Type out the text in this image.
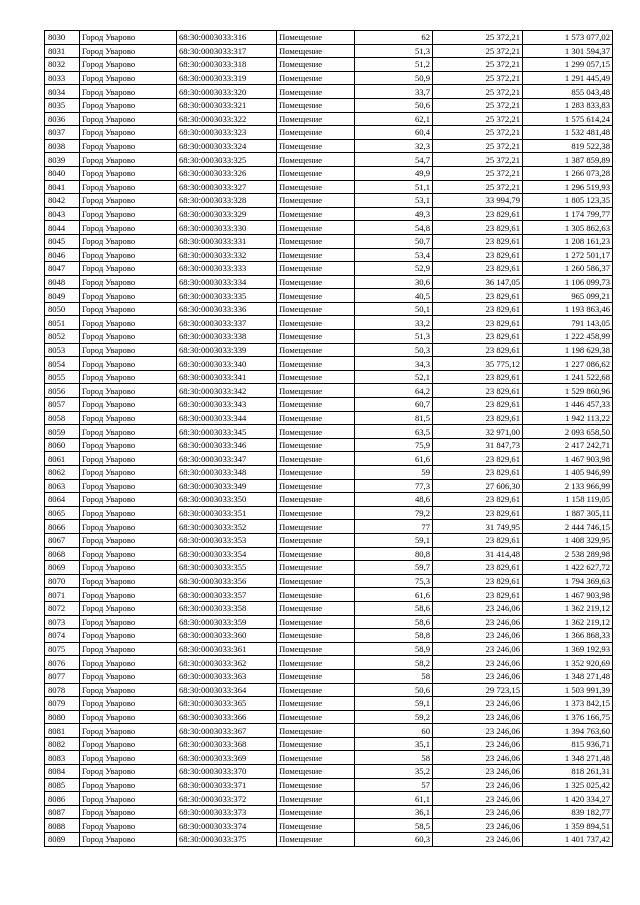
8030	Город Уварово	68:30:0003033:316	Помещение	62	25 372,21	1 573 077,02
8031	Город Уварово	68:30:0003033:317	Помещение	51,3	25 372,21	1 301 594,37
8032	Город Уварово	68:30:0003033:318	Помещение	51,2	25 372,21	1 299 057,15
8033	Город Уварово	68:30:0003033:319	Помещение	50,9	25 372,21	1 291 445,49
8034	Город Уварово	68:30:0003033:320	Помещение	33,7	25 372,21	855 043,48
8035	Город Уварово	68:30:0003033:321	Помещение	50,6	25 372,21	1 283 833,83
8036	Город Уварово	68:30:0003033:322	Помещение	62,1	25 372,21	1 575 614,24
8037	Город Уварово	68:30:0003033:323	Помещение	60,4	25 372,21	1 532 481,48
8038	Город Уварово	68:30:0003033:324	Помещение	32,3	25 372,21	819 522,38
8039	Город Уварово	68:30:0003033:325	Помещение	54,7	25 372,21	1 387 859,89
8040	Город Уварово	68:30:0003033:326	Помещение	49,9	25 372,21	1 266 073,28
8041	Город Уварово	68:30:0003033:327	Помещение	51,1	25 372,21	1 296 519,93
8042	Город Уварово	68:30:0003033:328	Помещение	53,1	33 994,79	1 805 123,35
8043	Город Уварово	68:30:0003033:329	Помещение	49,3	23 829,61	1 174 799,77
8044	Город Уварово	68:30:0003033:330	Помещение	54,8	23 829,61	1 305 862,63
8045	Город Уварово	68:30:0003033:331	Помещение	50,7	23 829,61	1 208 161,23
8046	Город Уварово	68:30:0003033:332	Помещение	53,4	23 829,61	1 272 501,17
8047	Город Уварово	68:30:0003033:333	Помещение	52,9	23 829,61	1 260 586,37
8048	Город Уварово	68:30:0003033:334	Помещение	30,6	36 147,05	1 106 099,73
8049	Город Уварово	68:30:0003033:335	Помещение	40,5	23 829,61	965 099,21
8050	Город Уварово	68:30:0003033:336	Помещение	50,1	23 829,61	1 193 863,46
8051	Город Уварово	68:30:0003033:337	Помещение	33,2	23 829,61	791 143,05
8052	Город Уварово	68:30:0003033:338	Помещение	51,3	23 829,61	1 222 458,99
8053	Город Уварово	68:30:0003033:339	Помещение	50,3	23 829,61	1 198 629,38
8054	Город Уварово	68:30:0003033:340	Помещение	34,3	35 775,12	1 227 086,62
8055	Город Уварово	68:30:0003033:341	Помещение	52,1	23 829,61	1 241 522,68
8056	Город Уварово	68:30:0003033:342	Помещение	64,2	23 829,61	1 529 860,96
8057	Город Уварово	68:30:0003033:343	Помещение	60,7	23 829,61	1 446 457,33
8058	Город Уварово	68:30:0003033:344	Помещение	81,5	23 829,61	1 942 113,22
8059	Город Уварово	68:30:0003033:345	Помещение	63,5	32 971,00	2 093 658,50
8060	Город Уварово	68:30:0003033:346	Помещение	75,9	31 847,73	2 417 242,71
8061	Город Уварово	68:30:0003033:347	Помещение	61,6	23 829,61	1 467 903,98
8062	Город Уварово	68:30:0003033:348	Помещение	59	23 829,61	1 405 946,99
8063	Город Уварово	68:30:0003033:349	Помещение	77,3	27 606,30	2 133 966,99
8064	Город Уварово	68:30:0003033:350	Помещение	48,6	23 829,61	1 158 119,05
8065	Город Уварово	68:30:0003033:351	Помещение	79,2	23 829,61	1 887 305,11
8066	Город Уварово	68:30:0003033:352	Помещение	77	31 749,95	2 444 746,15
8067	Город Уварово	68:30:0003033:353	Помещение	59,1	23 829,61	1 408 329,95
8068	Город Уварово	68:30:0003033:354	Помещение	80,8	31 414,48	2 538 289,98
8069	Город Уварово	68:30:0003033:355	Помещение	59,7	23 829,61	1 422 627,72
8070	Город Уварово	68:30:0003033:356	Помещение	75,3	23 829,61	1 794 369,63
8071	Город Уварово	68:30:0003033:357	Помещение	61,6	23 829,61	1 467 903,98
8072	Город Уварово	68:30:0003033:358	Помещение	58,6	23 246,06	1 362 219,12
8073	Город Уварово	68:30:0003033:359	Помещение	58,6	23 246,06	1 362 219,12
8074	Город Уварово	68:30:0003033:360	Помещение	58,8	23 246,06	1 366 868,33
8075	Город Уварово	68:30:0003033:361	Помещение	58,9	23 246,06	1 369 192,93
8076	Город Уварово	68:30:0003033:362	Помещение	58,2	23 246,06	1 352 920,69
8077	Город Уварово	68:30:0003033:363	Помещение	58	23 246,06	1 348 271,48
8078	Город Уварово	68:30:0003033:364	Помещение	50,6	29 723,15	1 503 991,39
8079	Город Уварово	68:30:0003033:365	Помещение	59,1	23 246,06	1 373 842,15
8080	Город Уварово	68:30:0003033:366	Помещение	59,2	23 246,06	1 376 166,75
8081	Город Уварово	68:30:0003033:367	Помещение	60	23 246,06	1 394 763,60
8082	Город Уварово	68:30:0003033:368	Помещение	35,1	23 246,06	815 936,71
8083	Город Уварово	68:30:0003033:369	Помещение	58	23 246,06	1 348 271,48
8084	Город Уварово	68:30:0003033:370	Помещение	35,2	23 246,06	818 261,31
8085	Город Уварово	68:30:0003033:371	Помещение	57	23 246,06	1 325 025,42
8086	Город Уварово	68:30:0003033:372	Помещение	61,1	23 246,06	1 420 334,27
8087	Город Уварово	68:30:0003033:373	Помещение	36,1	23 246,06	839 182,77
8088	Город Уварово	68:30:0003033:374	Помещение	58,5	23 246,06	1 359 894,51
8089	Город Уварово	68:30:0003033:375	Помещение	60,3	23 246,06	1 401 737,42
